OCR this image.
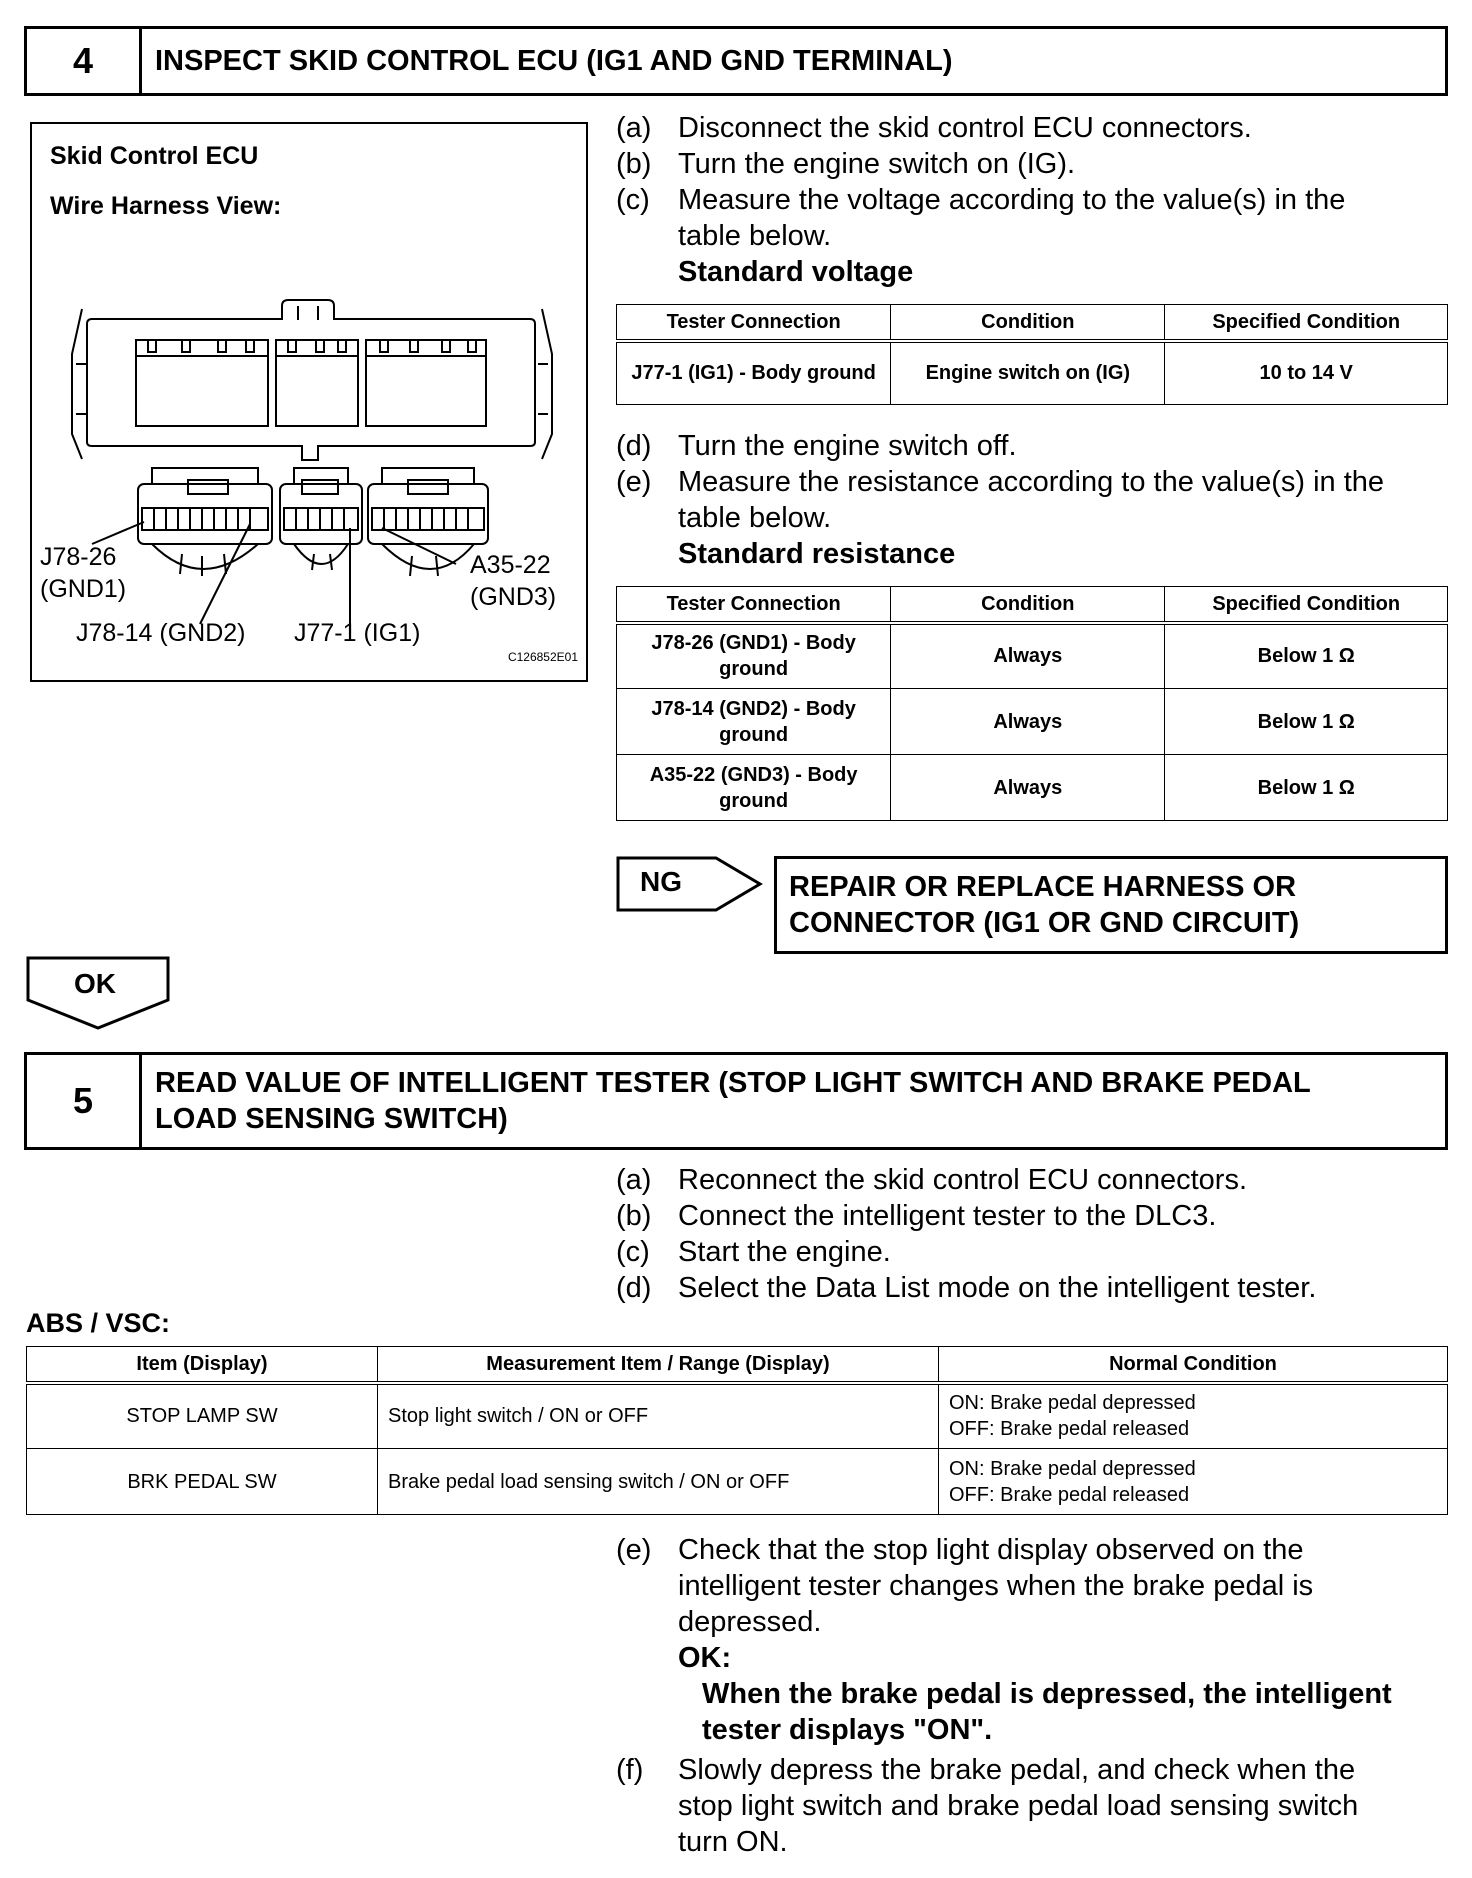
4	INSPECT SKID CONTROL ECU (IG1 AND GND TERMINAL)
Skid Control ECU
Wire Harness View:
J78-26
(GND1)
J78-14 (GND2) J77-1 (IG1)
A35-22
(GND3)
C126852E01
(a) Disconnect the skid control ECU connectors.
(b) Turn the engine switch on (IG).
(c) Measure the voltage according to the value(s) in the
table below.
Standard voltage
Tester Connection	Condition	Specified Condition
J77-1 (IG1) - Body ground	Engine switch on (IG)	10 to 14 V
(d) Turn the engine switch off.
(e) Measure the resistance according to the value(s) in the
table below.
Standard resistance
Tester Connection	Condition	Specified Condition
J78-26 (GND1) - Body ground	Always	Below 1 Ω
J78-14 (GND2) - Body ground	Always	Below 1 Ω
A35-22 (GND3) - Body ground	Always	Below 1 Ω
NG	REPAIR OR REPLACE HARNESS OR
CONNECTOR (IG1 OR GND CIRCUIT)
OK
5	READ VALUE OF INTELLIGENT TESTER (STOP LIGHT SWITCH AND BRAKE PEDAL
LOAD SENSING SWITCH)
(a) Reconnect the skid control ECU connectors.
(b) Connect the intelligent tester to the DLC3.
(c) Start the engine.
(d) Select the Data List mode on the intelligent tester.
ABS / VSC:
Item (Display)	Measurement Item / Range (Display)	Normal Condition
STOP LAMP SW	Stop light switch / ON or OFF	ON: Brake pedal depressed
OFF: Brake pedal released

BRK PEDAL SW	Brake pedal load sensing switch / ON or OFF	ON: Brake pedal depressed
OFF: Brake pedal released
(e) Check that the stop light display observed on the
intelligent tester changes when the brake pedal is
depressed.
OK:
When the brake pedal is depressed, the intelligent
tester displays "ON".
(f)	Slowly depress the brake pedal, and check when the
stop light switch and brake pedal load sensing switch
turn ON.
